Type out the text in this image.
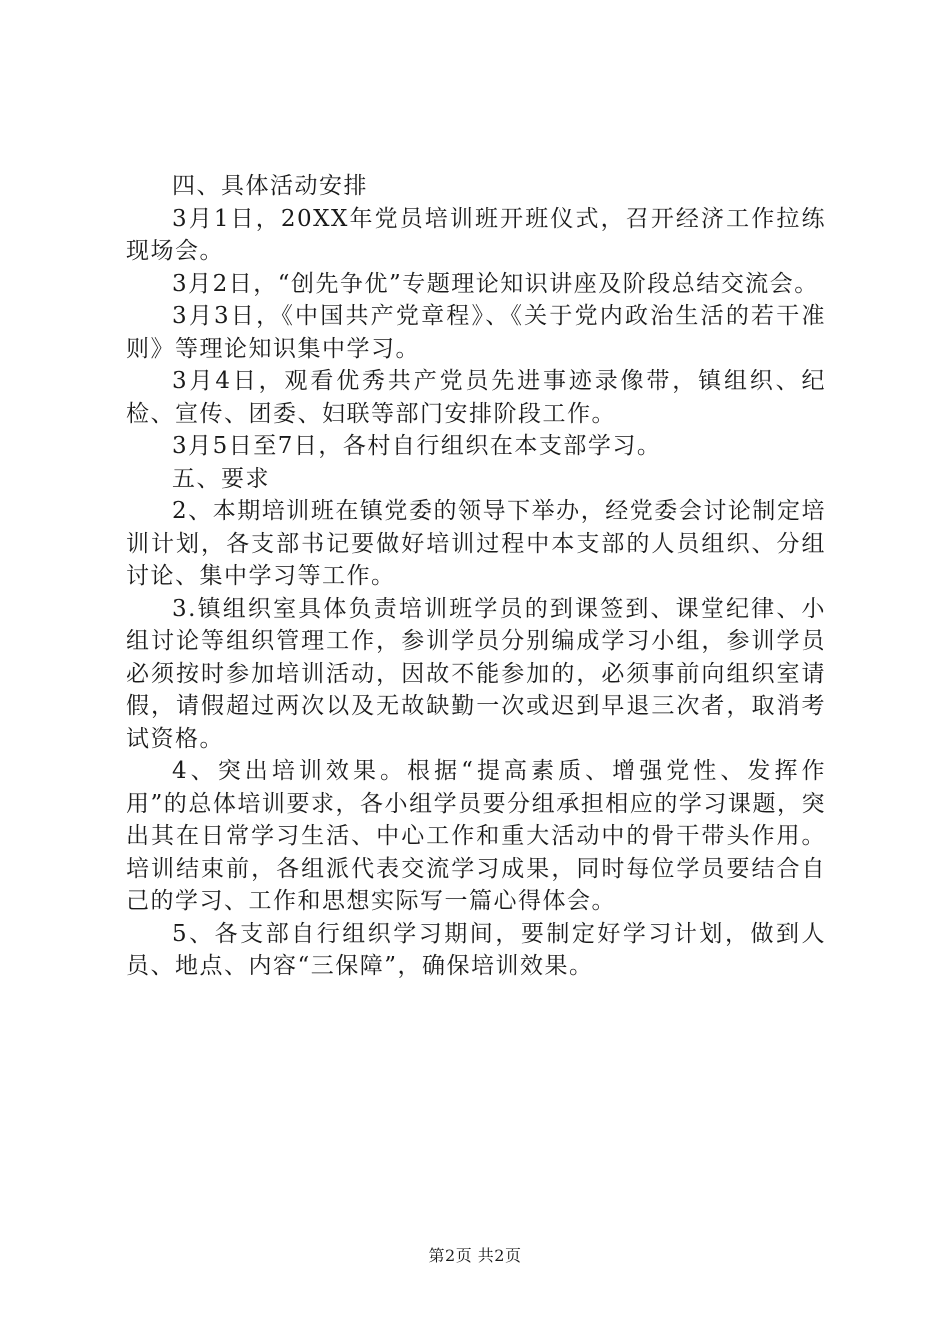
四、具体活动安排

3月1日，20XX年党员培训班开班仪式，召开经济工作拉练现场会。

3月2日，“创先争优”专题理论知识讲座及阶段总结交流会。

3月3日，《中国共产党章程》、《关于党内政治生活的若干准则》等理论知识集中学习。

3月4日，观看优秀共产党员先进事迹录像带，镇组织、纪检、宣传、团委、妇联等部门安排阶段工作。

3月5日至7日，各村自行组织在本支部学习。

五、要求

2、本期培训班在镇党委的领导下举办，经党委会讨论制定培训计划，各支部书记要做好培训过程中本支部的人员组织、分组讨论、集中学习等工作。

3.镇组织室具体负责培训班学员的到课签到、课堂纪律、小组讨论等组织管理工作，参训学员分别编成学习小组，参训学员必须按时参加培训活动，因故不能参加的，必须事前向组织室请假，请假超过两次以及无故缺勤一次或迟到早退三次者，取消考试资格。

4、突出培训效果。根据“提高素质、增强党性、发挥作用”的总体培训要求，各小组学员要分组承担相应的学习课题，突出其在日常学习生活、中心工作和重大活动中的骨干带头作用。培训结束前，各组派代表交流学习成果，同时每位学员要结合自己的学习、工作和思想实际写一篇心得体会。

5、各支部自行组织学习期间，要制定好学习计划，做到人员、地点、内容“三保障”，确保培训效果。

第2页 共2页
